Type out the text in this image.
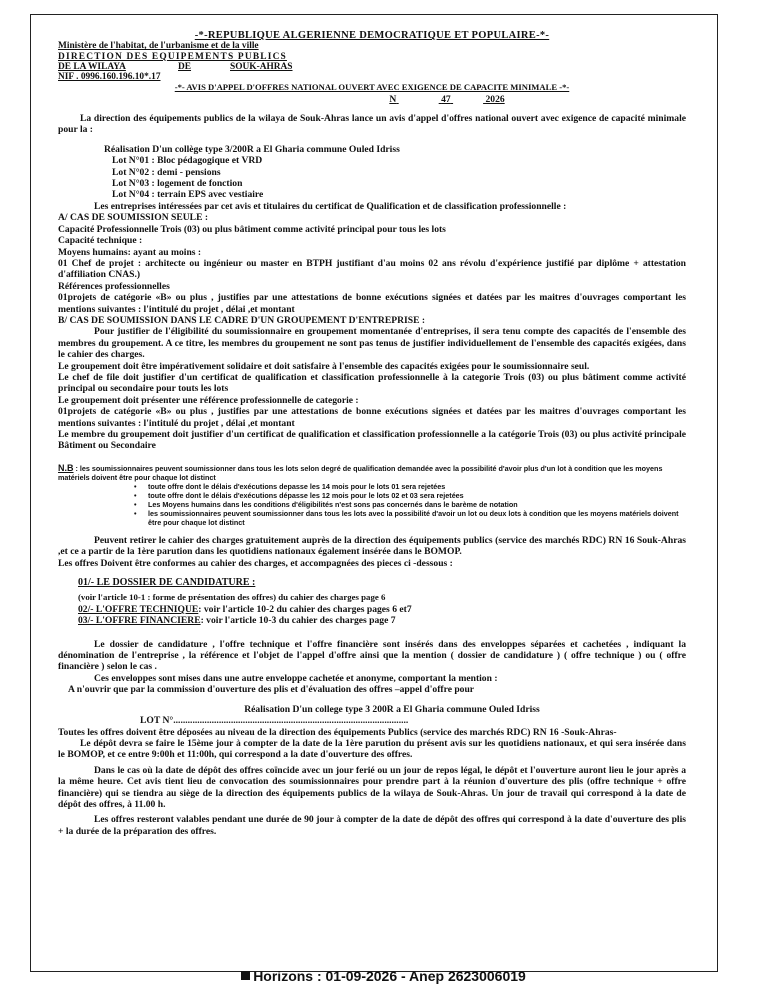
-*-REPUBLIQUE ALGERIENNE DEMOCRATIQUE ET POPULAIRE-*-
Ministère de l'habitat, de l'urbanisme et de la ville
DIRECTION DES EQUIPEMENTS PUBLICS
DE LA WILAYA	DE	SOUK-AHRAS
NIF . 0996.160.196.10*.17
-*- AVIS D'APPEL D'OFFRES NATIONAL OUVERT AVEC EXIGENCE DE CAPACITE MINIMALE -*-
N	47	2026

La direction des équipements publics de la wilaya de Souk-Ahras lance un avis d'appel d'offres national ouvert avec exigence de capacité minimale pour la :

Réalisation D'un collège type 3/200R a El Gharia commune Ouled Idriss
Lot N°01 : Bloc pédagogique et VRD
Lot N°02 : demi - pensions
Lot N°03 : logement de fonction
Lot N°04 : terrain EPS avec vestiaire

Les entreprises intéressées par cet avis et titulaires du certificat de Qualification et de classification professionnelle :

A/ CAS DE SOUMISSION SEULE :
Capacité Professionnelle Trois (03) ou plus bâtiment comme activité principal pour tous les lots
Capacité technique :
Moyens humains: ayant au moins :

01 Chef de projet : architecte ou ingénieur ou master en BTPH justifiant d'au moins 02 ans révolu d'expérience justifié par diplôme + attestation d'affiliation CNAS.)

Références professionnelles

01projets de catégorie «B» ou plus , justifies par une attestations de bonne exécutions signées et datées par les maitres d'ouvrages comportant les mentions suivantes : l'intitulé du projet , délai ,et montant

B/ CAS DE SOUMISSION DANS LE CADRE D'UN GROUPEMENT D'ENTREPRISE :

Pour justifier de l'éligibilité du soumissionnaire en groupement momentanée d'entreprises, il sera tenu compte des capacités de l'ensemble des membres du groupement. A ce titre, les membres du groupement ne sont pas tenus de justifier individuellement de l'ensemble des capacités exigées, dans le cahier des charges.

Le groupement doit être impérativement solidaire et doit satisfaire à l'ensemble des capacités exigées pour le soumissionnaire seul.

Le chef de file doit justifier d'un certificat de qualification et classification professionnelle à la categorie Trois (03) ou plus bâtiment comme activité principal ou secondaire pour touts les lots

Le groupement doit présenter une référence professionnelle de categorie :

01projets de catégorie «B» ou plus , justifies par une attestations de bonne exécutions signées et datées par les maitres d'ouvrages comportant les mentions suivantes : l'intitulé du projet , délai ,et montant

Le membre du groupement doit justifier d'un certificat de qualification et classification professionnelle a la catégorie Trois (03) ou plus activité principale Bâtiment ou Secondaire

N.B : les soumissionnaires peuvent soumissionner dans tous les lots selon degré de qualification demandée avec la possibilité d'avoir plus d'un lot à condition que les moyens matériels doivent être pour chaque lot distinct
• toute offre dont le délais d'exécutions depasse les 14 mois pour le lots 01 sera rejetées
• toute offre dont le délais d'exécutions dépasse les 12 mois pour le lots 02 et 03 sera rejetées
• Les Moyens humains dans les conditions d'éligibilités n'est sons pas concernés dans le barème de notation
• les soumissionnaires peuvent soumissionner dans tous les lots avec la possibilité d'avoir un lot ou deux lots à condition que les moyens matériels doivent être pour chaque lot distinct

Peuvent retirer le cahier des charges gratuitement auprès de la direction des équipements publics (service des marchés RDC) RN 16 Souk-Ahras ,et ce a partir de la 1ère parution dans les quotidiens nationaux également insérée dans le BOMOP.

Les offres Doivent être conformes au cahier des charges, et accompagnées des pieces ci -dessous :

01/- LE DOSSIER DE CANDIDATURE :
(voir l'article 10-1 : forme de présentation des offres) du cahier des charges page 6
02/- L'OFFRE TECHNIQUE: voir l'article 10-2 du cahier des charges pages 6 et7
03/- L'OFFRE FINANCIERE: voir l'article 10-3 du cahier des charges page 7

Le dossier de candidature , l'offre technique et l'offre financière sont insérés dans des enveloppes séparées et cachetées , indiquant la dénomination de l'entreprise , la référence et l'objet de l'appel d'offre ainsi que la mention ( dossier de candidature ) ( offre technique ) ou ( offre financière ) selon le cas .

Ces enveloppes sont mises dans une autre enveloppe cachetée et anonyme, comportant la mention :

A n'ouvrir que par la commission d'ouverture des plis et d'évaluation des offres –appel d'offre pour

Réalisation D'un college type 3 200R a El Gharia commune Ouled Idriss
LOT N°..................................................................................................

Toutes les offres doivent être déposées au niveau de la direction des équipements Publics (service des marchés RDC) RN 16 -Souk-Ahras-

Le dépôt devra se faire le 15ème jour à compter de la date de la 1ère parution du présent avis sur les quotidiens nationaux, et qui sera insérée dans le BOMOP, et ce entre 9:00h et 11:00h, qui correspond a la date d'ouverture des offres.

Dans le cas où la date de dépôt des offres coïncide avec un jour ferié ou un jour de repos légal, le dépôt et l'ouverture auront lieu le jour après a la même heure. Cet avis tient lieu de convocation des soumissionnaires pour prendre part à la réunion d'ouverture des plis (offre technique + offre financière) qui se tiendra au siège de la direction des équipements publics de la wilaya de Souk-Ahras. Un jour de travail qui correspond à la date de dépôt des offres, à 11.00 h.

Les offres resteront valables pendant une durée de 90 jour à compter de la date de dépôt des offres qui correspond à la date d'ouverture des plis + la durée de la préparation des offres.

Horizons : 01-09-2026 - Anep 2623006019
